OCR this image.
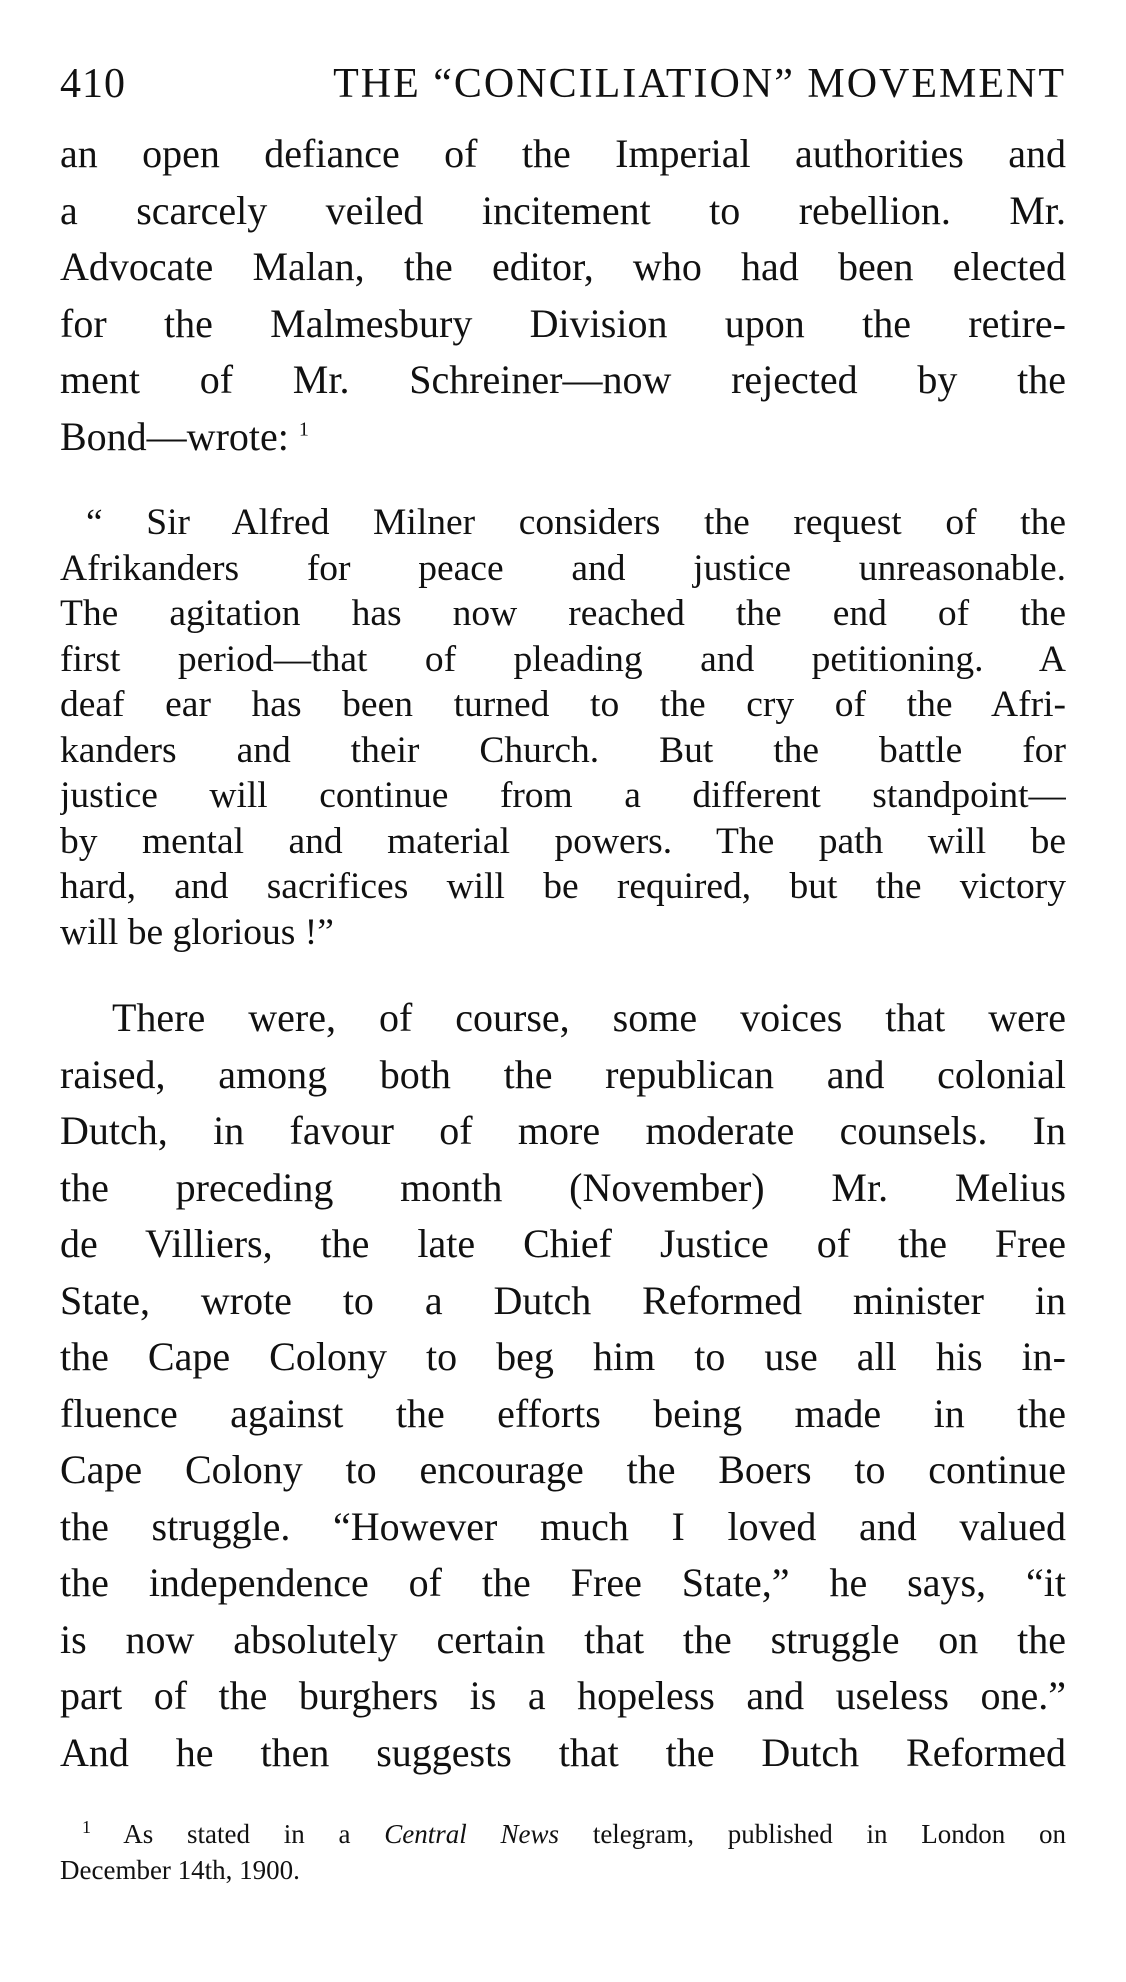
410	THE “CONCILIATION” MOVEMENT
an open defiance of the Imperial authorities and
a scarcely veiled incitement to rebellion. Mr.
Advocate Malan, the editor, who had been elected
for the Malmesbury Division upon the retire-
ment of Mr. Schreiner—now rejected by the
Bond—wrote: $^1$
“ Sir Alfred Milner considers the request of the
Afrikanders for peace and justice unreasonable.
The agitation has now reached the end of the
first period—that of pleading and petitioning. A
deaf ear has been turned to the cry of the Afri-
kanders and their Church. But the battle for
justice will continue from a different standpoint—
by mental and material powers. The path will be
hard, and sacrifices will be required, but the victory
will be glorious !”
There were, of course, some voices that were
raised, among both the republican and colonial
Dutch, in favour of more moderate counsels. In
the preceding month (November) Mr. Melius
de Villiers, the late Chief Justice of the Free
State, wrote to a Dutch Reformed minister in
the Cape Colony to beg him to use all his in-
fluence against the efforts being made in the
Cape Colony to encourage the Boers to continue
the struggle. “However much I loved and valued
the independence of the Free State,” he says, “it
is now absolutely certain that the struggle on the
part of the burghers is a hopeless and useless one.”
And he then suggests that the Dutch Reformed
$^1$ As stated in a Central News telegram, published in London on
December 14th, 1900.
